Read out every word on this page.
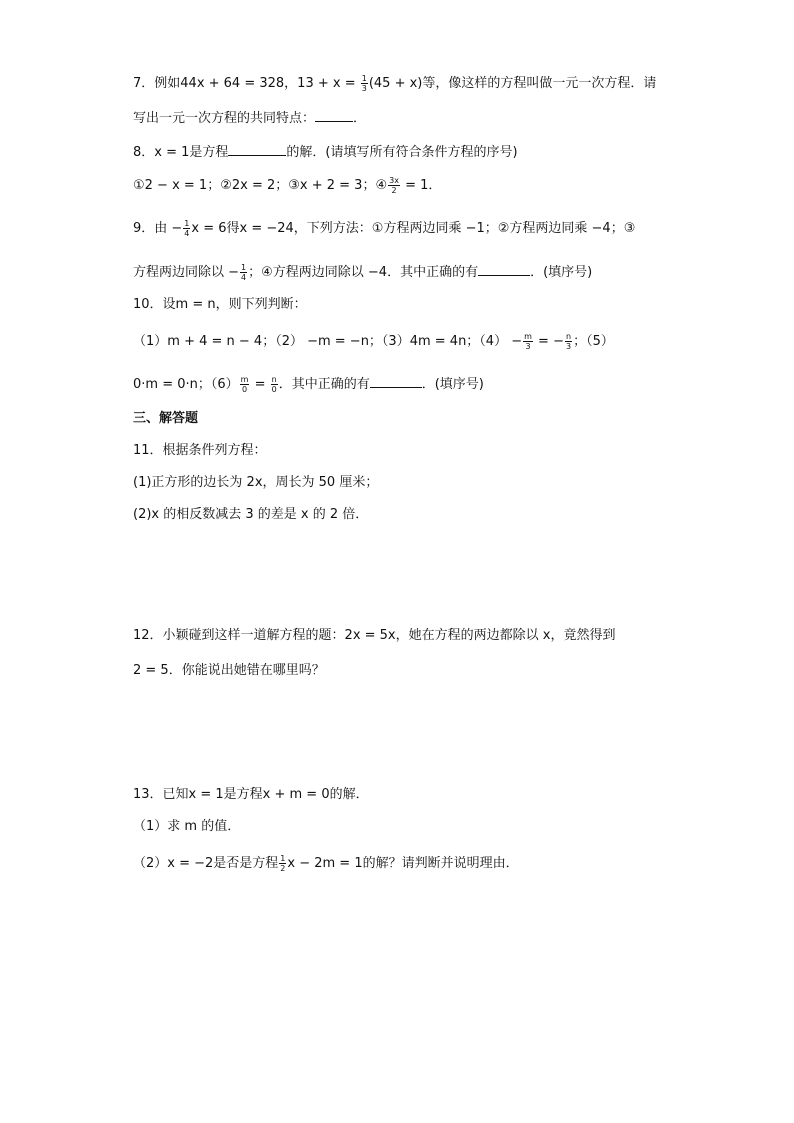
7．例如44x + 64 = 328，$13 + x = \frac{1}{3} (45 + x)$等，像这样的方程叫做一元一次方程．请
写出一元一次方程的共同特点：	．
8．x = 1是方程	的解．(请填写所有符合条件方程的序号)
①2 − x = 1；②2x = 2；③x + 2 = 3；④ $\frac{3x}{2} = 1$．
9．由 − $\frac{1}{4}$ x = 6得x = −24，下列方法：①方程两边同乘 −1；②方程两边同乘 −4；③
方程两边同除以 − $\frac{1}{4}$ ；④方程两边同除以 −4．其中正确的有	．(填序号)
10．设m = n，则下列判断：
（1）m + 4 = n − 4；（2） −m = −n；（3）4m = 4n；$(4) - \frac{m}{3}$ = − $\frac{n}{3}$ ；（5）
0·m = 0·n；$(6) \frac{m}{0} = \frac{n}{0}$ ．其中正确的有	．(填序号)
三、解答题
11．根据条件列方程：
(1)正方形的边长为 2x，周长为 50 厘米；
(2)x 的相反数减去 3 的差是 x 的 2 倍．
12．小颖碰到这样一道解方程的题：2x = 5x，她在方程的两边都除以 x，竟然得到
2 = 5．你能说出她错在哪里吗？
13．已知x = 1是方程x + m = 0的解．
（1）求 m 的值．
（2）x = −2是否是方程 $\frac{1}{2}$ x − 2m = 1的解？请判断并说明理由．
